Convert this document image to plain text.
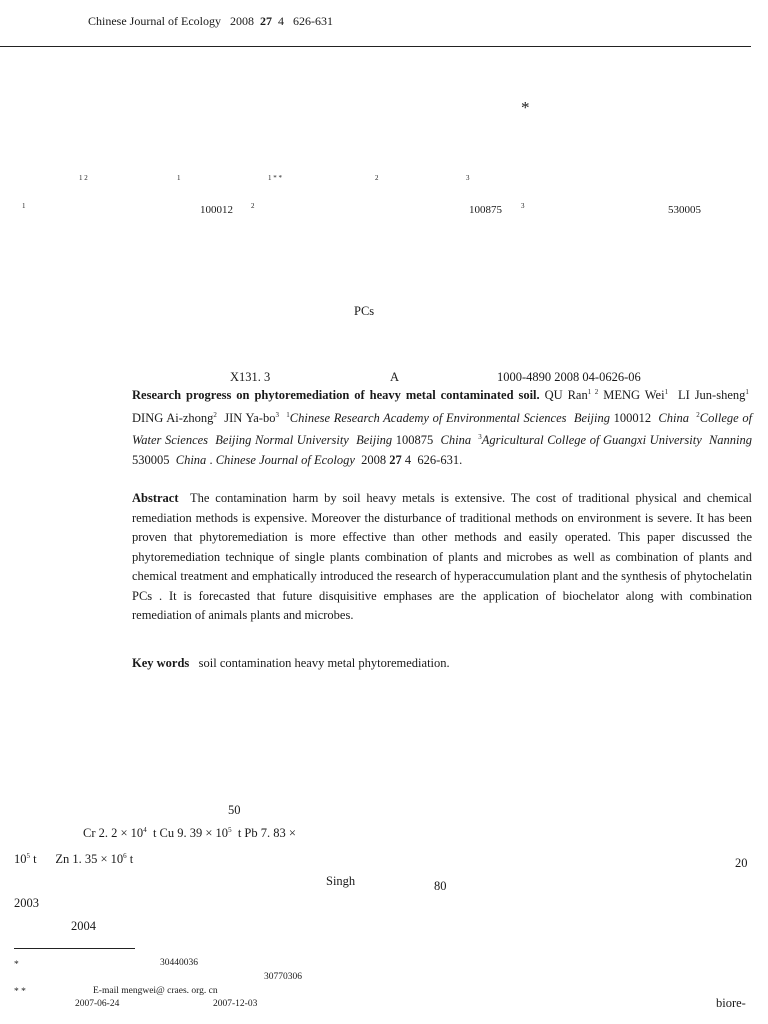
Chinese Journal of Ecology 2008 27 4 626-631
*
1 2	1	1 * *	2	3
1	100012	2	100875	3	530005
PCs
X131. 3	A	1000-4890 2008 04-0626-06

Research progress on phytoremediation of heavy metal contaminated soil. QU Ran$^{1 2}$ MENG Wei$^1$ LI Jun-sheng$^1$  DING Ai-zhong$^2$ JIN $Ya-bo^3$ $^1$Chinese Research Academy of Environmental Sciences Beijing 100012 China $^2$College of Water Sciences Beijing Normal University Beijing 100875 China $^3$Agricultural College of Guangxi University Nanning 530005 China . Chinese Journal of Ecology 2008 27 4 626-631.

Abstract The contamination harm by soil heavy metals is extensive. The cost of traditional physical and chemical remediation methods is expensive. Moreover the disturbance of traditional methods on environment is severe. It has been proven that phytoremediation is more effective than other methods and easily operated. This paper discussed the phytoremediation technique of single plants combination of plants and microbes as well as combination of plants and chemical treatment and emphatically introduced the research of hyperaccumulation plant and the synthesis of phytochelatin PCs . It is forecasted that future disquisitive emphases are the application of biochelator along with combination remediation of animals plants and microbes.

Key words soil contamination heavy metal phytoremediation.
50
Cr 2. $2 \times 10^4$ t Cu 9. $39 \times 10^5$ t Pb 7. 83 ×
$10^5$ t Zn 1. $35 \times 10^6$ t	20
Singh	80
2003
2004
*	30440036
30770306
* *	E-mail mengwei@ craes. org. cn
2007-06-24	2007-12-03	biore-
